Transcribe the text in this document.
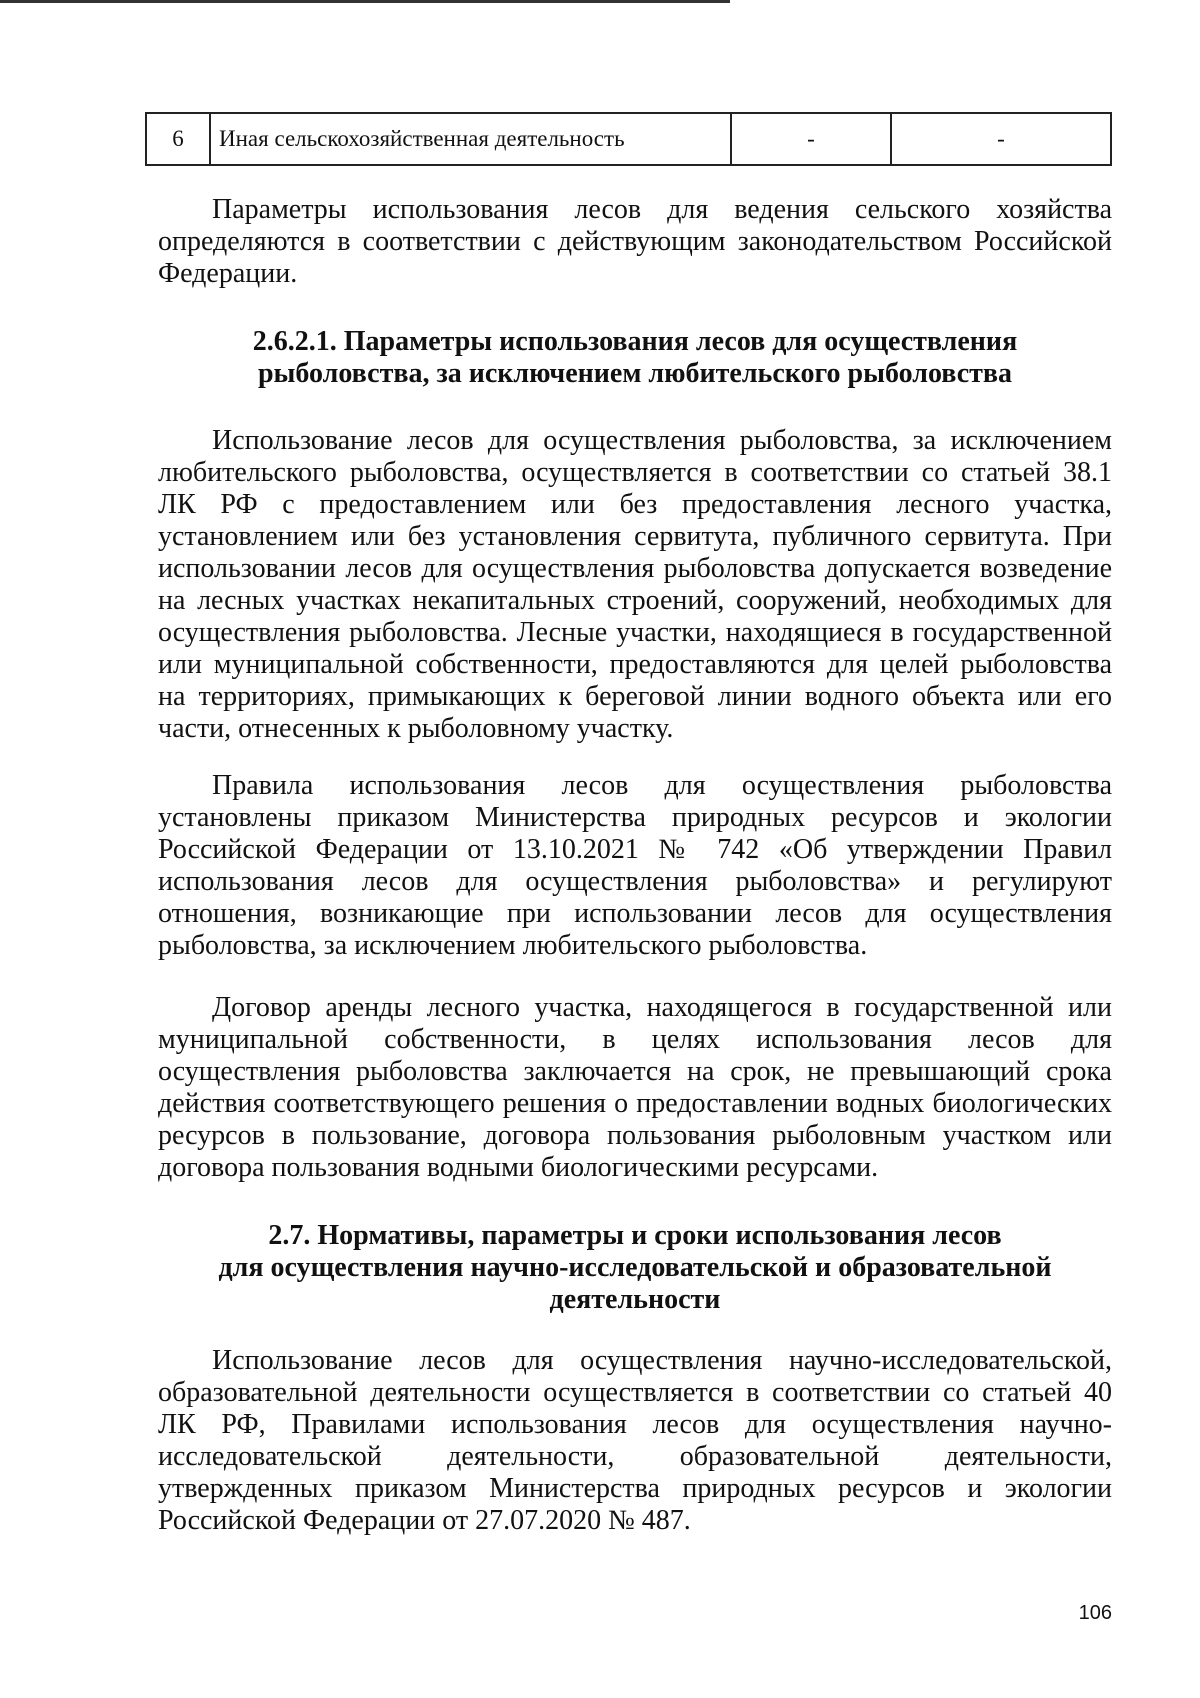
6	Иная сельскохозяйственная деятельность	-	-

Параметры использования лесов для ведения сельского хозяйства определяются в соответствии с действующим законодательством Российской Федерации.

2.6.2.1. Параметры использования лесов для осуществления
рыболовства, за исключением любительского рыболовства

Использование лесов для осуществления рыболовства, за исключением любительского рыболовства, осуществляется в соответствии со статьей 38.1 ЛК РФ с предоставлением или без предоставления лесного участка, установлением или без установления сервитута, публичного сервитута. При использовании лесов для осуществления рыболовства допускается возведение на лесных участках некапитальных строений, сооружений, необходимых для осуществления рыболовства. Лесные участки, находящиеся в государственной или муниципальной собственности, предоставляются для целей рыболовства на территориях, примыкающих к береговой линии водного объекта или его части, отнесенных к рыболовному участку.

Правила использования лесов для осуществления рыболовства установлены приказом Министерства природных ресурсов и экологии Российской Федерации от 13.10.2021 № 742 «Об утверждении Правил использования лесов для осуществления рыболовства» и регулируют отношения, возникающие при использовании лесов для осуществления рыболовства, за исключением любительского рыболовства.

Договор аренды лесного участка, находящегося в государственной или муниципальной собственности, в целях использования лесов для осуществления рыболовства заключается на срок, не превышающий срока действия соответствующего решения о предоставлении водных биологических ресурсов в пользование, договора пользования рыболовным участком или договора пользования водными биологическими ресурсами.

2.7. Нормативы, параметры и сроки использования лесов
для осуществления научно-исследовательской и образовательной
деятельности

Использование лесов для осуществления научно-исследовательской, образовательной деятельности осуществляется в соответствии со статьей 40 ЛК РФ, Правилами использования лесов для осуществления научно-исследовательской деятельности, образовательной деятельности, утвержденных приказом Министерства природных ресурсов и экологии Российской Федерации от 27.07.2020 № 487.

106
